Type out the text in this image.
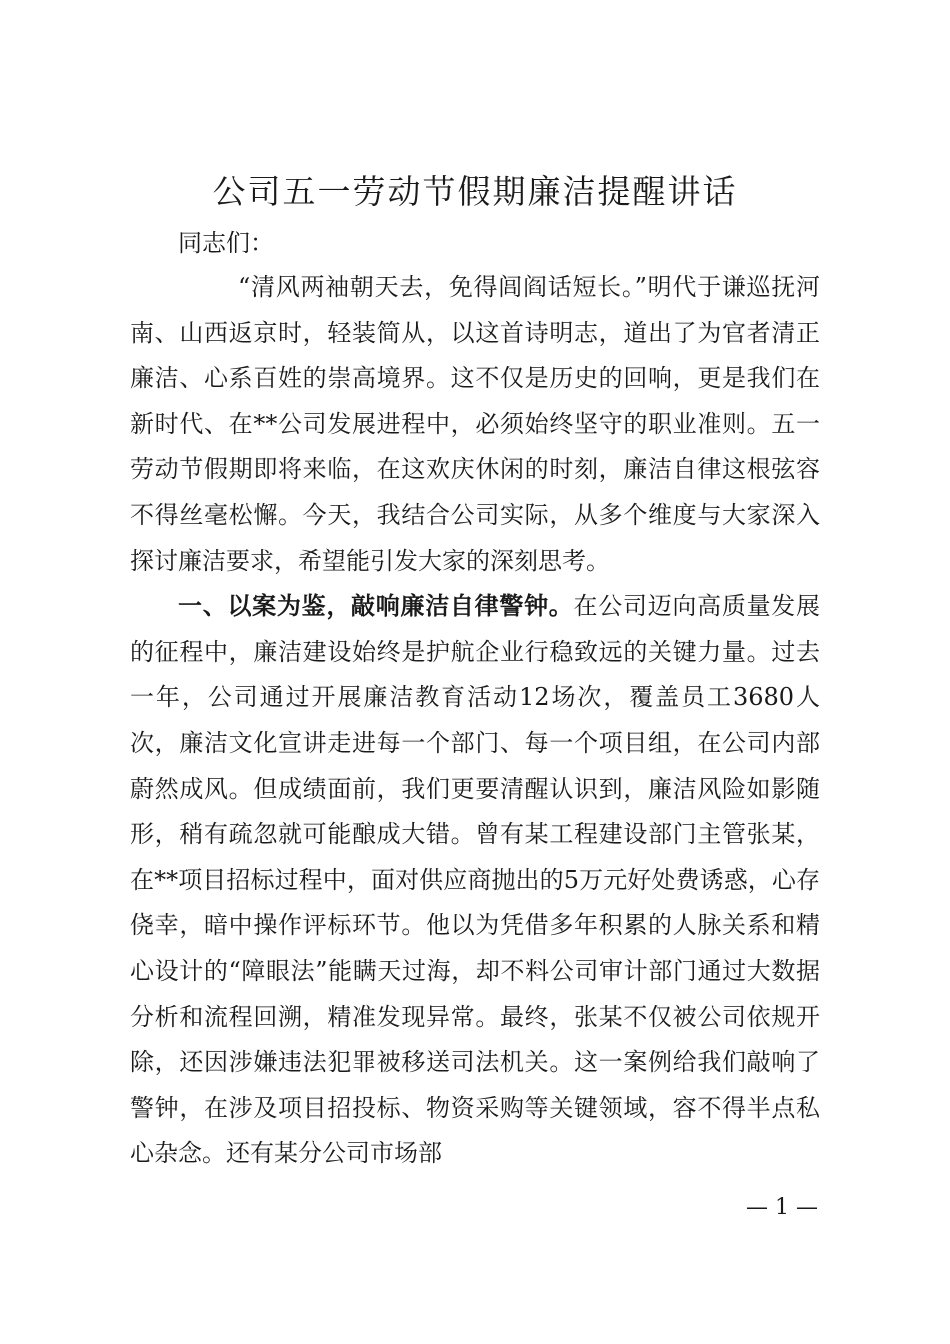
公司五一劳动节假期廉洁提醒讲话

同志们：

“清风两袖朝天去，免得闾阎话短长。”明代于谦巡抚河南、山西返京时，轻装简从，以这首诗明志，道出了为官者清正廉洁、心系百姓的崇高境界。这不仅是历史的回响，更是我们在新时代、在**公司发展进程中，必须始终坚守的职业准则。五一劳动节假期即将来临，在这欢庆休闲的时刻，廉洁自律这根弦容不得丝毫松懈。今天，我结合公司实际，从多个维度与大家深入探讨廉洁要求，希望能引发大家的深刻思考。

一、以案为鉴，敲响廉洁自律警钟。在公司迈向高质量发展的征程中，廉洁建设始终是护航企业行稳致远的关键力量。过去一年，公司通过开展廉洁教育活动12场次，覆盖员工3680人次，廉洁文化宣讲走进每一个部门、每一个项目组，在公司内部蔚然成风。但成绩面前，我们更要清醒认识到，廉洁风险如影随形，稍有疏忽就可能酿成大错。曾有某工程建设部门主管张某，在**项目招标过程中，面对供应商抛出的5万元好处费诱惑，心存侥幸，暗中操作评标环节。他以为凭借多年积累的人脉关系和精心设计的“障眼法”能瞒天过海，却不料公司审计部门通过大数据分析和流程回溯，精准发现异常。最终，张某不仅被公司依规开除，还因涉嫌违法犯罪被移送司法机关。这一案例给我们敲响了警钟，在涉及项目招投标、物资采购等关键领域，容不得半点私心杂念。还有某分公司市场部

— 1 —
